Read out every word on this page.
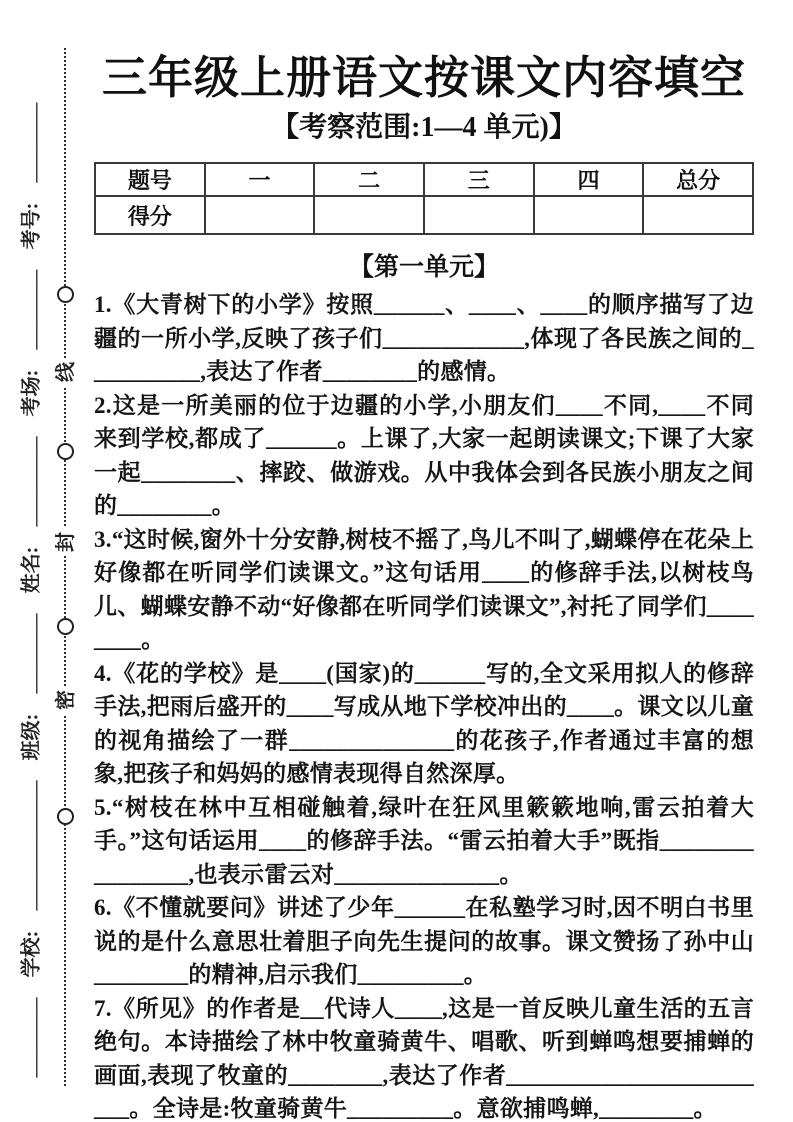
________
学校:
_____________
班级:
________
姓名:
_________
考场:
________
考号:
________
线
封
密
三年级上册语文按课文内容填空
【考察范围:1—4 单元)】
题号	一	二	三	四	总分
得分					
【第一单元】

1.《大青树下的小学》按照______、____、____的顺序描写了边疆的一所小学,反映了孩子们____________,体现了各民族之间的__________,表达了作者________的感情。

2.这是一所美丽的位于边疆的小学,小朋友们____不同,____不同来到学校,都成了______。上课了,大家一起朗读课文;下课了大家一起________、摔跤、做游戏。从中我体会到各民族小朋友之间的________。

3.“这时候,窗外十分安静,树枝不摇了,鸟儿不叫了,蝴蝶停在花朵上好像都在听同学们读课文。”这句话用____的修辞手法,以树枝鸟儿、蝴蝶安静不动“好像都在听同学们读课文”,衬托了同学们________。

4.《花的学校》是____(国家)的______写的,全文采用拟人的修辞手法,把雨后盛开的____写成从地下学校冲出的____。课文以儿童的视角描绘了一群______________的花孩子,作者通过丰富的想象,把孩子和妈妈的感情表现得自然深厚。

5.“树枝在林中互相碰触着,绿叶在狂风里簌簌地响,雷云拍着大手。”这句话运用____的修辞手法。“雷云拍着大手”既指________________,也表示雷云对______________。

6.《不懂就要问》讲述了少年______在私塾学习时,因不明白书里说的是什么意思壮着胆子向先生提问的故事。课文赞扬了孙中山________的精神,启示我们_________。

7.《所见》的作者是__代诗人____,这是一首反映儿童生活的五言绝句。本诗描绘了林中牧童骑黄牛、唱歌、听到蝉鸣想要捕蝉的画面,表现了牧童的________,表达了作者________________________。全诗是:牧童骑黄牛_________。意欲捕鸣蝉,________。
